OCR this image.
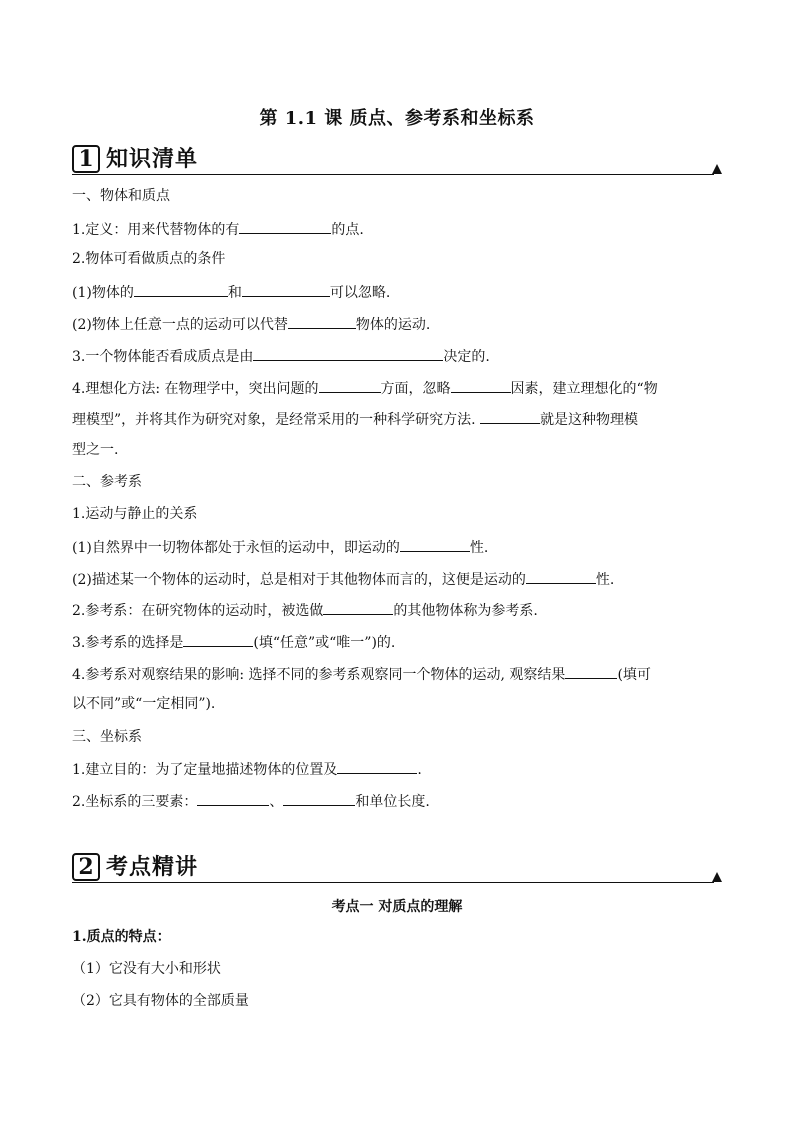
第 1.1 课 质点、参考系和坐标系
1 知识清单
一、物体和质点
1.定义：用来代替物体的有	的点.
2.物体可看做质点的条件
(1)物体的	和	可以忽略.
(2)物体上任意一点的运动可以代替	物体的运动.
3.一个物体能否看成质点是由	决定的.
4.理想化方法: 在物理学中，突出问题的	方面，忽略	因素，建立理想化的“物
理模型”，并将其作为研究对象，是经常采用的一种科学研究方法.	就是这种物理模
型之一.
二、参考系
1.运动与静止的关系
(1)自然界中一切物体都处于永恒的运动中，即运动的	性.
(2)描述某一个物体的运动时，总是相对于其他物体而言的，这便是运动的	性.
2.参考系：在研究物体的运动时，被选做	的其他物体称为参考系.
3.参考系的选择是	(填“任意”或“唯一”)的.
4.参考系对观察结果的影响: 选择不同的参考系观察同一个物体的运动, 观察结果	(填可
以不同”或“一定相同”).
三、坐标系
1.建立目的：为了定量地描述物体的位置及	.
2.坐标系的三要素：	、	和单位长度.
2 考点精讲
考点一 对质点的理解
1.质点的特点：
（1）它没有大小和形状
（2）它具有物体的全部质量
